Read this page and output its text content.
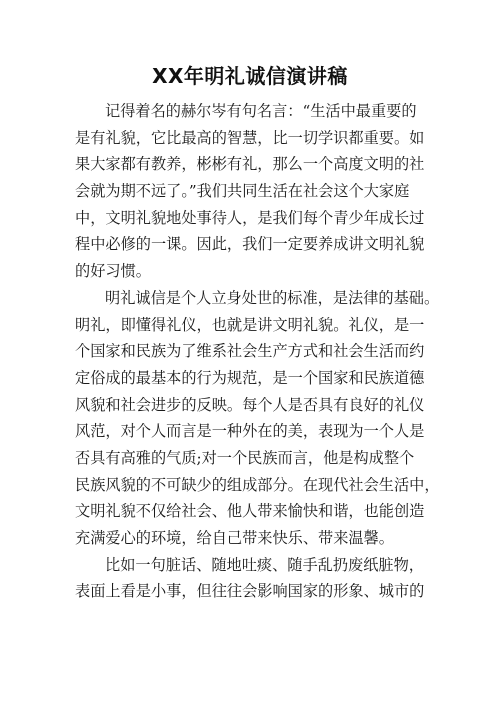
XX年明礼诚信演讲稿
记得着名的赫尔岑有句名言：“生活中最重要的
是有礼貌，它比最高的智慧，比一切学识都重要。如
果大家都有教养，彬彬有礼，那么一个高度文明的社
会就为期不远了。”我们共同生活在社会这个大家庭
中，文明礼貌地处事待人，是我们每个青少年成长过
程中必修的一课。因此，我们一定要养成讲文明礼貌
的好习惯。
明礼诚信是个人立身处世的标准，是法律的基础。
明礼，即懂得礼仪，也就是讲文明礼貌。礼仪，是一
个国家和民族为了维系社会生产方式和社会生活而约
定俗成的最基本的行为规范，是一个国家和民族道德
风貌和社会进步的反映。每个人是否具有良好的礼仪
风范，对个人而言是一种外在的美，表现为一个人是
否具有高雅的气质;对一个民族而言，他是构成整个
民族风貌的不可缺少的组成部分。在现代社会生活中，
文明礼貌不仅给社会、他人带来愉快和谐，也能创造
充满爱心的环境，给自己带来快乐、带来温馨。
比如一句脏话、随地吐痰、随手乱扔废纸脏物，
表面上看是小事，但往往会影响国家的形象、城市的
